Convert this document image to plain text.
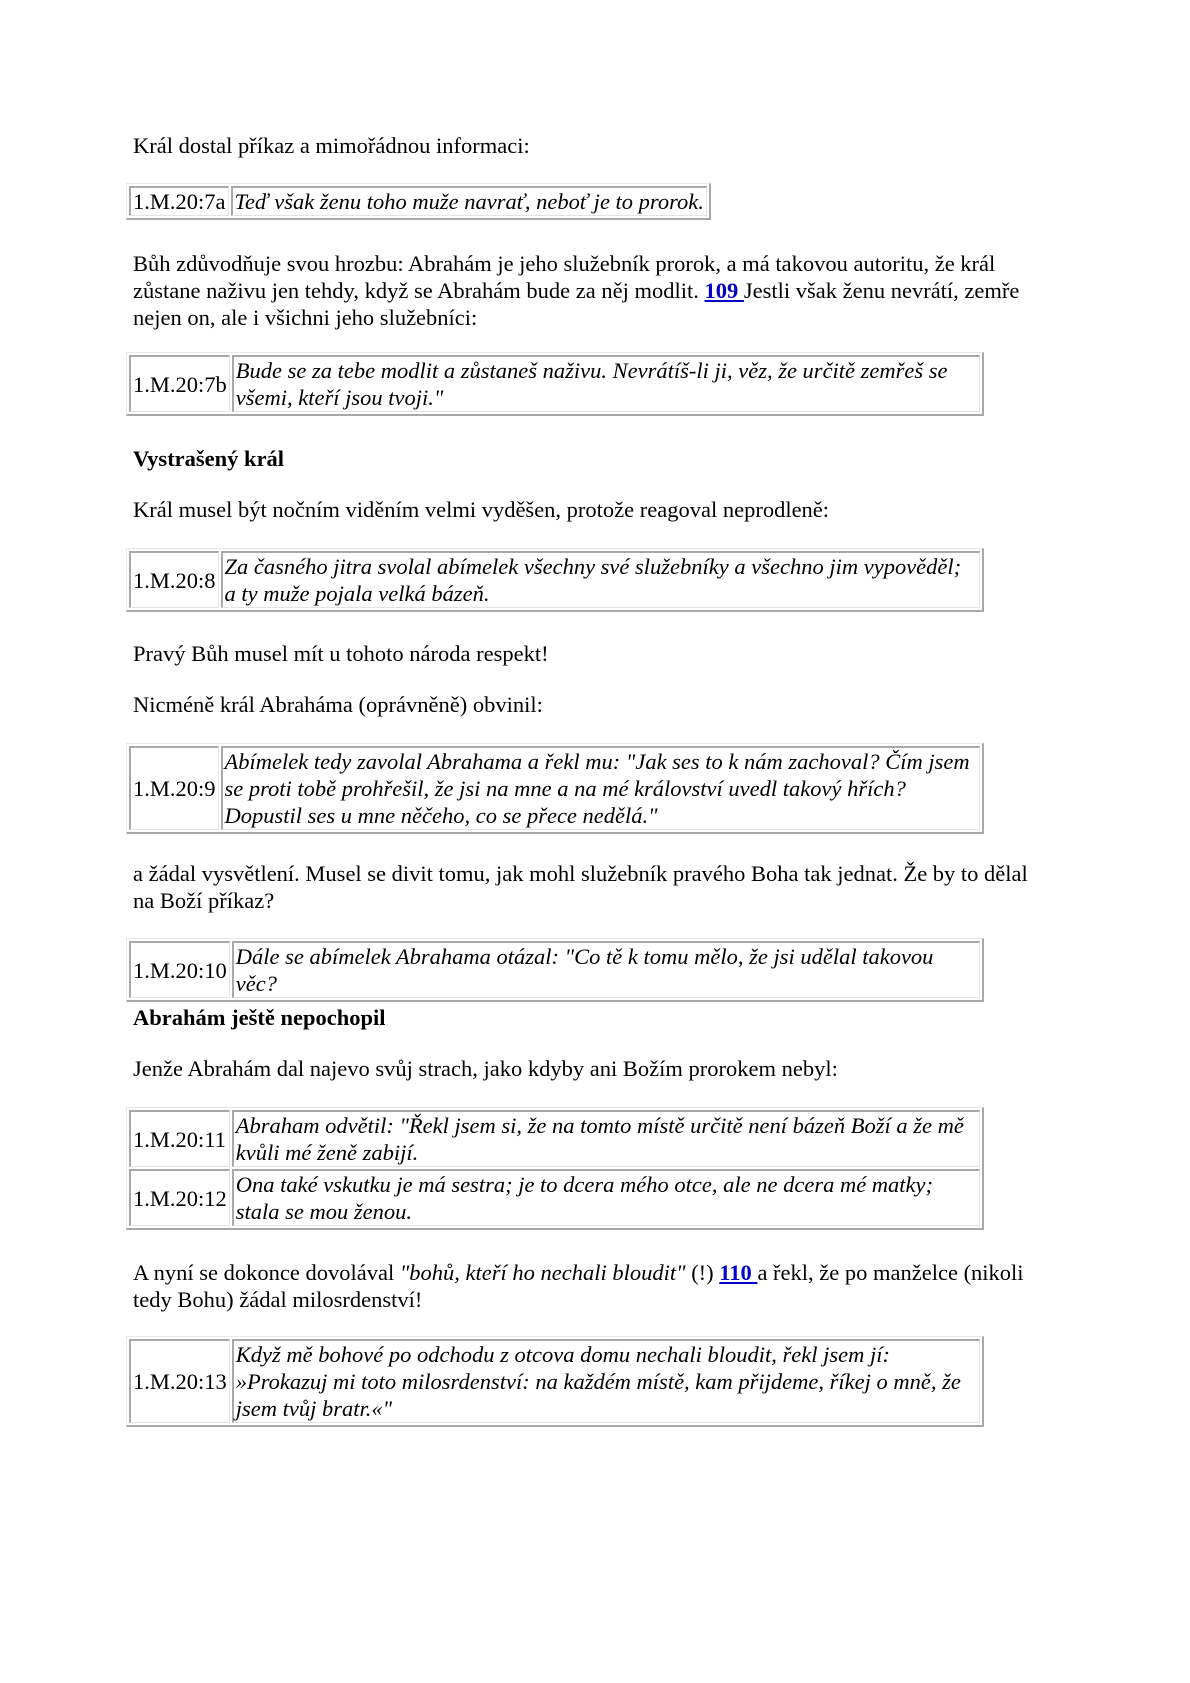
Král dostal příkaz a mimořádnou informaci:

1.M.20:7a	Teď však ženu toho muže navrať, neboť je to prorok.

Bůh zdůvodňuje svou hrozbu: Abrahám je jeho služebník prorok, a má takovou autoritu, že král zůstane naživu jen tehdy, když se Abrahám bude za něj modlit. 109 Jestli však ženu nevrátí, zemře nejen on, ale i všichni jeho služebníci:

1.M.20:7b	Bude se za tebe modlit a zůstaneš naživu. Nevrátíš-li ji, věz, že určitě zemřeš se všemi, kteří jsou tvoji."

Vystrašený král

Král musel být nočním viděním velmi vyděšen, protože reagoval neprodleně:

1.M.20:8	Za časného jitra svolal abímelek všechny své služebníky a všechno jim vypověděl; a ty muže pojala velká bázeň.

Pravý Bůh musel mít u tohoto národa respekt!

Nicméně král Abraháma (oprávněně) obvinil:

1.M.20:9	Abímelek tedy zavolal Abrahama a řekl mu: "Jak ses to k nám zachoval? Čím jsem se proti tobě prohřešil, že jsi na mne a na mé království uvedl takový hřích? Dopustil ses u mne něčeho, co se přece nedělá."

a žádal vysvětlení. Musel se divit tomu, jak mohl služebník pravého Boha tak jednat. Že by to dělal na Boží příkaz?

1.M.20:10	Dále se abímelek Abrahama otázal: "Co tě k tomu mělo, že jsi udělal takovou věc?

Abrahám ještě nepochopil

Jenže Abrahám dal najevo svůj strach, jako kdyby ani Božím prorokem nebyl:

1.M.20:11	Abraham odvětil: "Řekl jsem si, že na tomto místě určitě není bázeň Boží a že mě kvůli mé ženě zabijí.
1.M.20:12	Ona také vskutku je má sestra; je to dcera mého otce, ale ne dcera mé matky; stala se mou ženou.

A nyní se dokonce dovolával "bohů, kteří ho nechali bloudit" (!) 110 a řekl, že po manželce (nikoli tedy Bohu) žádal milosrdenství!

1.M.20:13	Když mě bohové po odchodu z otcova domu nechali bloudit, řekl jsem jí: »Prokazuj mi toto milosrdenství: na každém místě, kam přijdeme, říkej o mně, že jsem tvůj bratr.«"
